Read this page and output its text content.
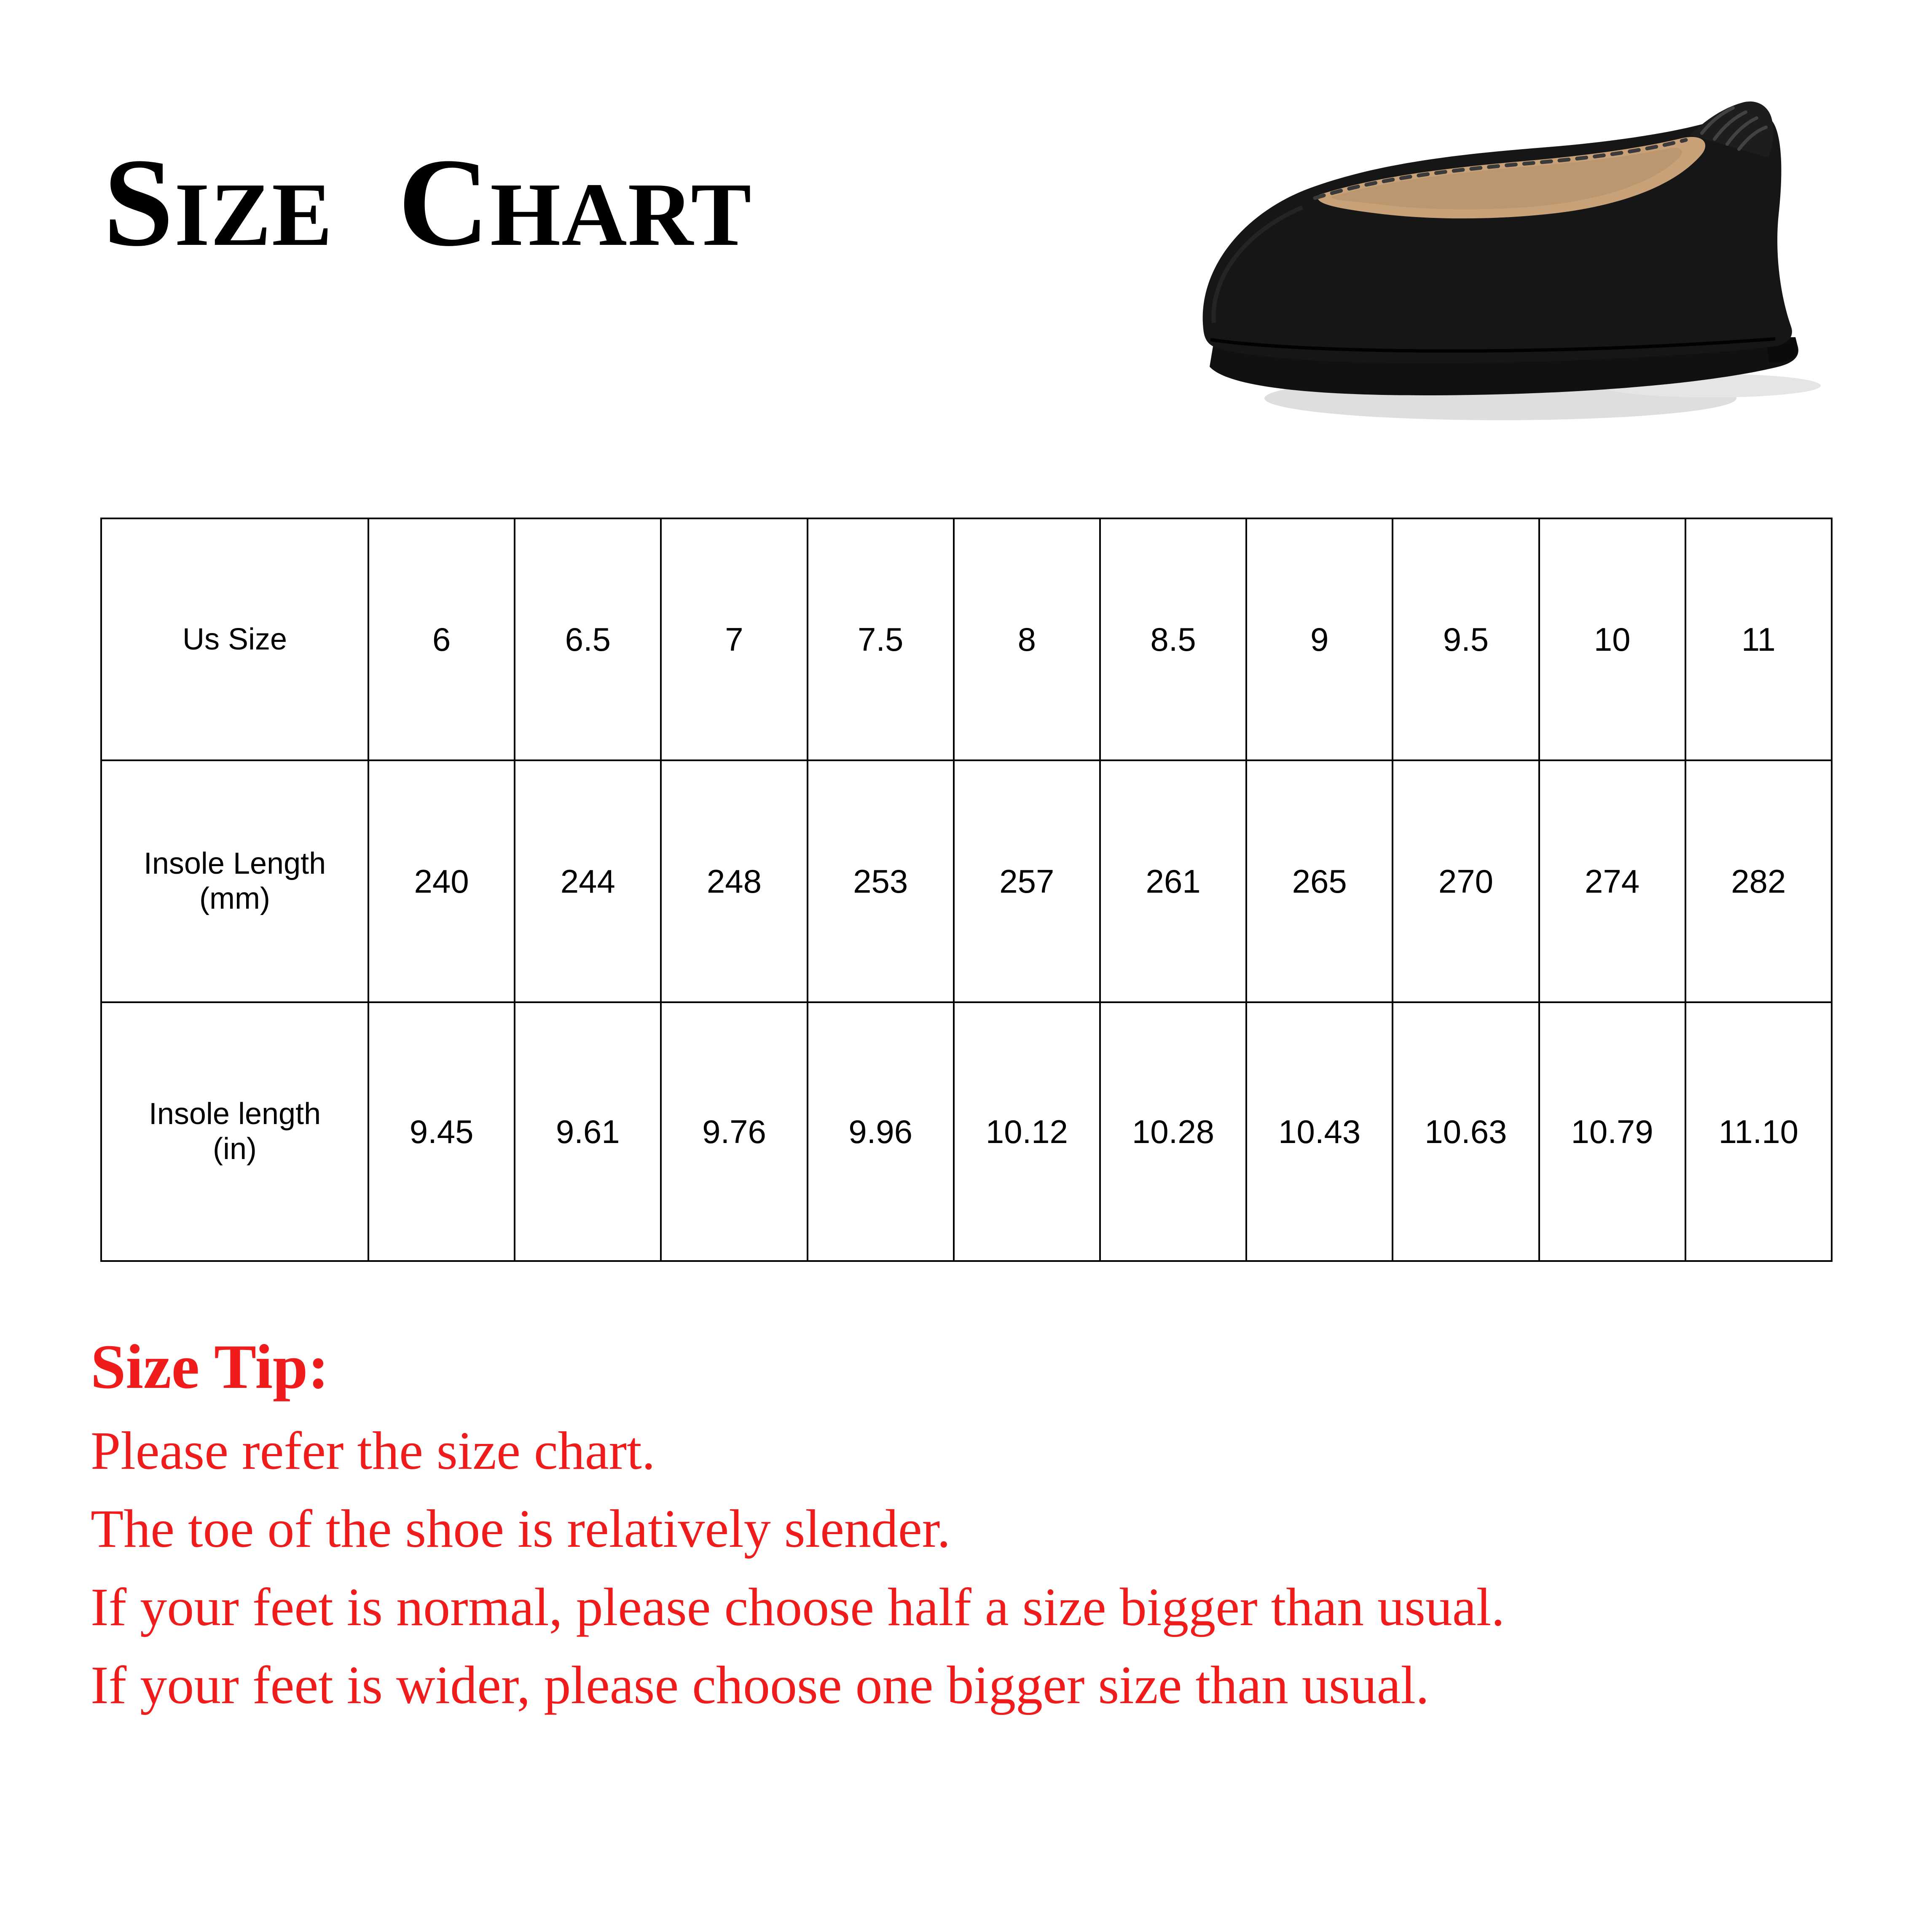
SIZE CHART
Us Size	6	6.5	7	7.5	8	8.5	9	9.5	10	11

Insole Length
(mm)	240	244	248	253	257	261	265	270	274	282

Insole length
(in)	9.45	9.61	9.76	9.96	10.12	10.28	10.43	10.63	10.79	11.10
Size Tip:
Please refer the size chart.
The toe of the shoe is relatively slender.
If your feet is normal, please choose half a size bigger than usual.
If your feet is wider, please choose one bigger size than usual.
